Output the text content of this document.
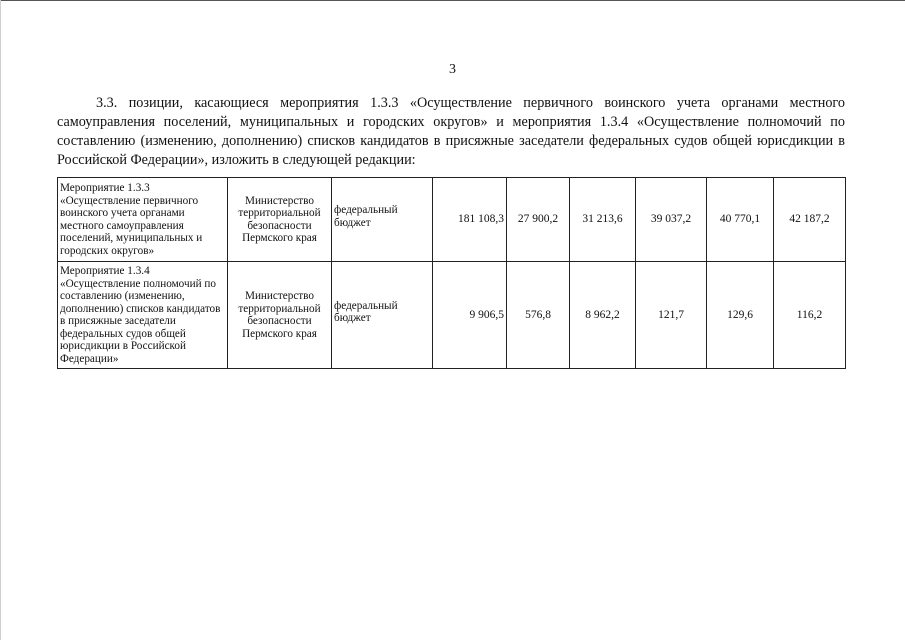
3
3.3. позиции, касающиеся мероприятия 1.3.3 «Осуществление первичного воинского учета органами местного самоуправления поселений, муниципальных и городских округов» и мероприятия 1.3.4 «Осуществление полномочий по составлению (изменению, дополнению) списков кандидатов в присяжные заседатели федеральных судов общей юрисдикции в Российской Федерации», изложить в следующей редакции:
Мероприятие 1.3.3 «Осуществление первичного воинского учета органами местного самоуправления поселений, муниципальных и городских округов»	Министерство территориальной безопасности Пермского края	федеральный бюджет	181 108,3	27 900,2	31 213,6	39 037,2	40 770,1	42 187,2
Мероприятие 1.3.4 «Осуществление полномочий по составлению (изменению, дополнению) списков кандидатов в присяжные заседатели федеральных судов общей юрисдикции в Российской Федерации»	Министерство территориальной безопасности Пермского края	федеральный бюджет	9 906,5	576,8	8 962,2	121,7	129,6	116,2
